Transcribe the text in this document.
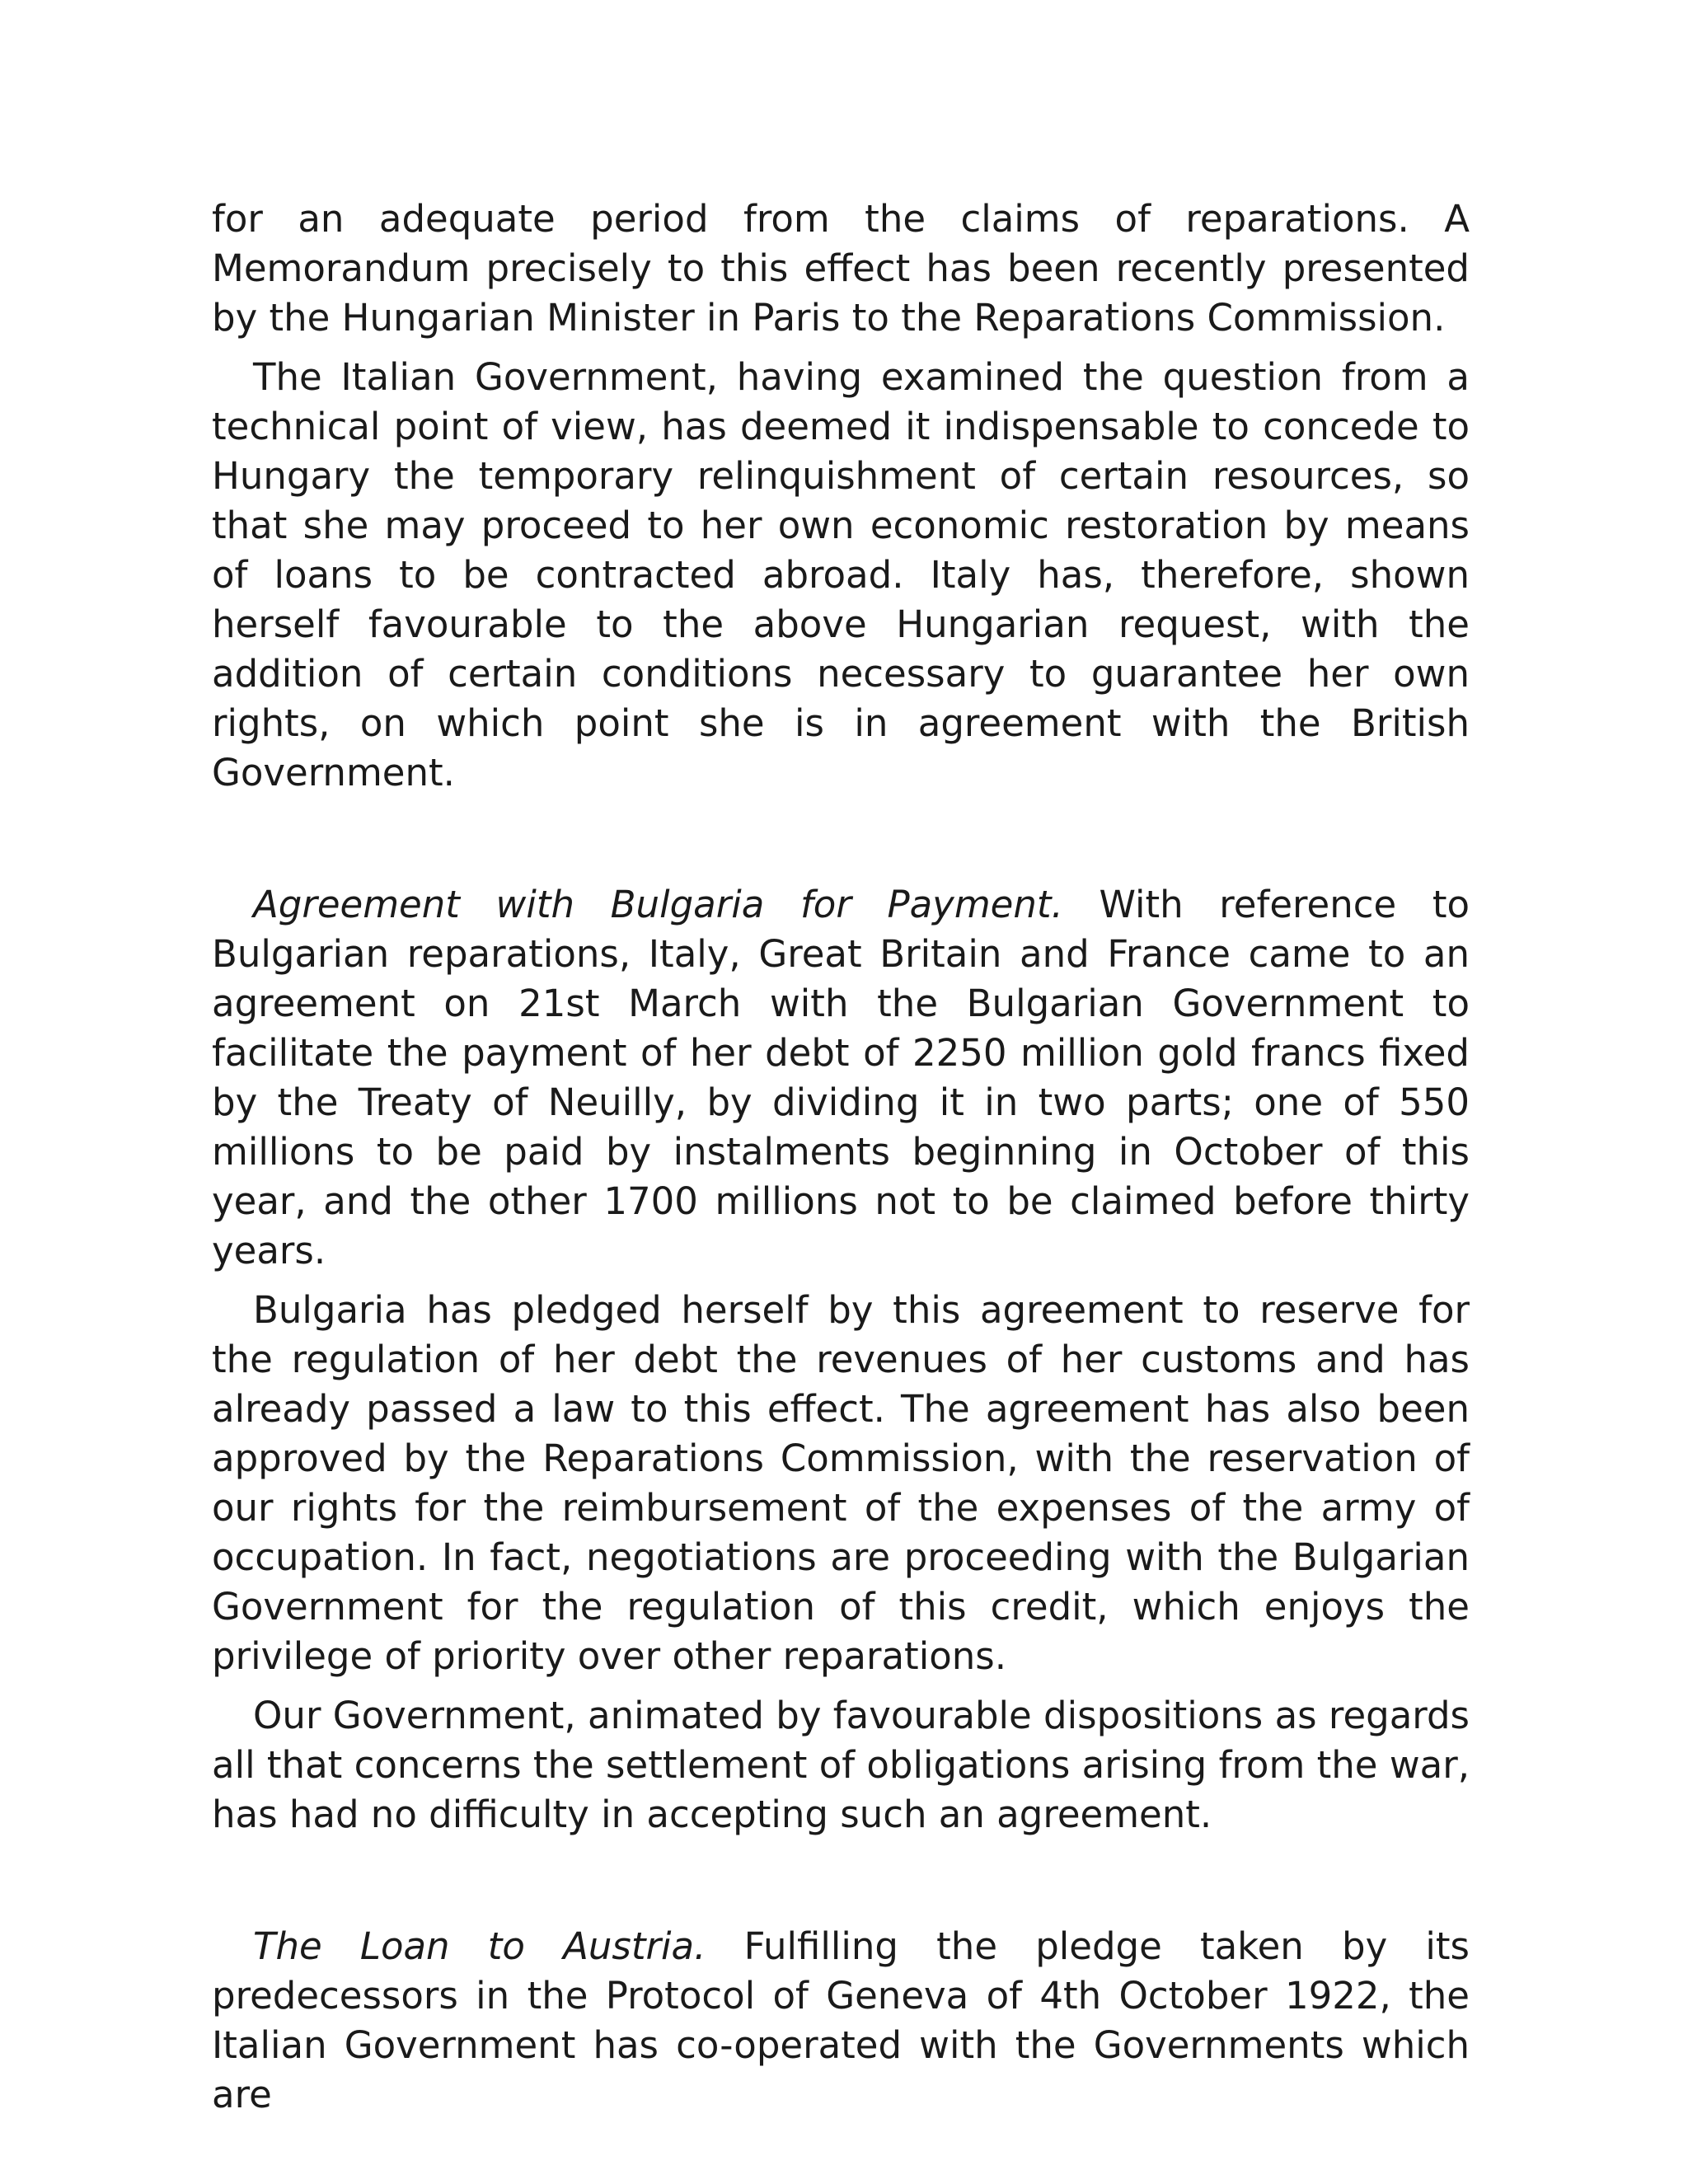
for an adequate period from the claims of reparations. A Memorandum precisely to this effect has been recently presented by the Hungarian Minister in Paris to the Reparations Commission.

The Italian Government, having examined the question from a technical point of view, has deemed it indispensable to concede to Hungary the temporary relinquishment of certain resources, so that she may proceed to her own economic restoration by means of loans to be contracted abroad. Italy has, therefore, shown herself favourable to the above Hungarian request, with the addition of certain conditions necessary to guarantee her own rights, on which point she is in agreement with the British Government.

Agreement with Bulgaria for Payment. With reference to Bulgarian reparations, Italy, Great Britain and France came to an agreement on 21st March with the Bulgarian Government to facilitate the payment of her debt of 2250 million gold francs fixed by the Treaty of Neuilly, by dividing it in two parts; one of 550 millions to be paid by instalments beginning in October of this year, and the other 1700 millions not to be claimed before thirty years.

Bulgaria has pledged herself by this agreement to reserve for the regulation of her debt the revenues of her customs and has already passed a law to this effect. The agreement has also been approved by the Reparations Commission, with the reservation of our rights for the reimbursement of the expenses of the army of occupation. In fact, negotiations are proceeding with the Bulgarian Government for the regulation of this credit, which enjoys the privilege of priority over other reparations.

Our Government, animated by favourable dispositions as regards all that concerns the settlement of obligations arising from the war, has had no difficulty in accepting such an agreement.

The Loan to Austria. Fulfilling the pledge taken by its predecessors in the Protocol of Geneva of 4th October 1922, the Italian Government has co-operated with the Governments which are
